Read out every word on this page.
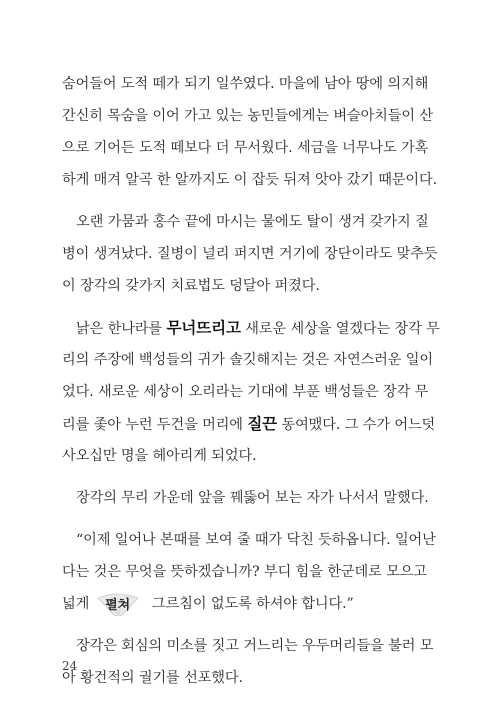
숨어들어 도적 떼가 되기 일쑤였다. 마을에 남아 땅에 의지해
간신히 목숨을 이어 가고 있는 농민들에게는 벼슬아치들이 산
으로 기어든 도적 떼보다 더 무서웠다. 세금을 너무나도 가혹
하게 매겨 알곡 한 알까지도 이 잡듯 뒤져 앗아 갔기 때문이다.
오랜 가뭄과 홍수 끝에 마시는 물에도 탈이 생겨 갖가지 질
병이 생겨났다. 질병이 널리 퍼지면 거기에 장단이라도 맞추듯
이 장각의 갖가지 치료법도 덩달아 퍼졌다.
낡은 한나라를 무너뜨리고 새로운 세상을 열겠다는 장각 무
리의 주장에 백성들의 귀가 솔깃해지는 것은 자연스러운 일이
었다. 새로운 세상이 오리라는 기대에 부푼 백성들은 장각 무
리를 좇아 누런 두건을 머리에 질끈 동여맸다. 그 수가 어느덧
사오십만 명을 헤아리게 되었다.
장각의 무리 가운데 앞을 꿰뚫어 보는 자가 나서서 말했다.
“이제 일어나 본때를 보여 줄 때가 닥친 듯하옵니다. 일어난
다는 것은 무엇을 뜻하겠습니까? 부디 힘을 한군데로 모으고
넓게 펼쳐	그르침이 없도록 하셔야 합니다.”
장각은 회심의 미소를 짓고 거느리는 우두머리들을 불러 모
아 황건적의 궐기를 선포했다.
24
